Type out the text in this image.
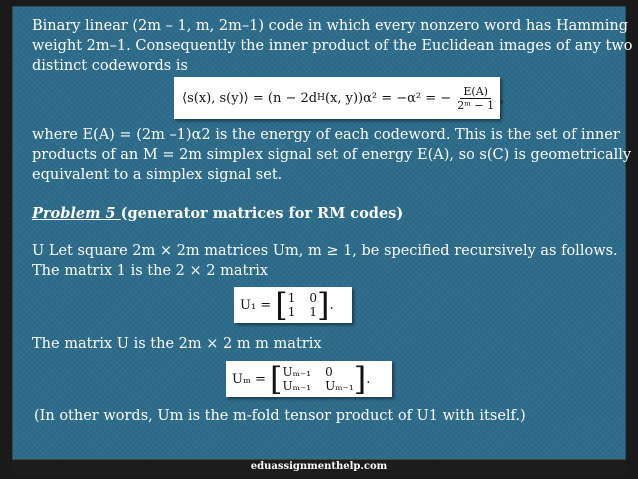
Binary linear (2m – 1, m, 2m–1) code in which every nonzero word has Hamming
weight 2m–1. Consequently the inner product of the Euclidean images of any two
distinct codewords is
⟨s(x), s(y)⟩ = (n − 2d H (x, y))α² = −α² = − $\frac{E(A)}{\text{2ᵐ − 1}}$ ,
where E(A) = (2m –1)α2 is the energy of each codeword. This is the set of inner
products of an M = 2m simplex signal set of energy E(A), so s(C) is geometrically
equivalent to a simplex signal set.
Problem 5 (generator matrices for RM codes)
U Let square 2m × 2m matrices Um, m ≥ 1, be specified recursively as follows.
The matrix 1 is the 2 × 2 matrix
U₁ = [ 1 0
1 1 ] .
The matrix U is the 2m × 2 m m matrix
Uₘ = [ Uₘ₋₁ 0
Uₘ₋₁ Uₘ₋₁ ] .
(In other words, Um is the m-fold tensor product of U1 with itself.)
eduassignmenthelp.com
